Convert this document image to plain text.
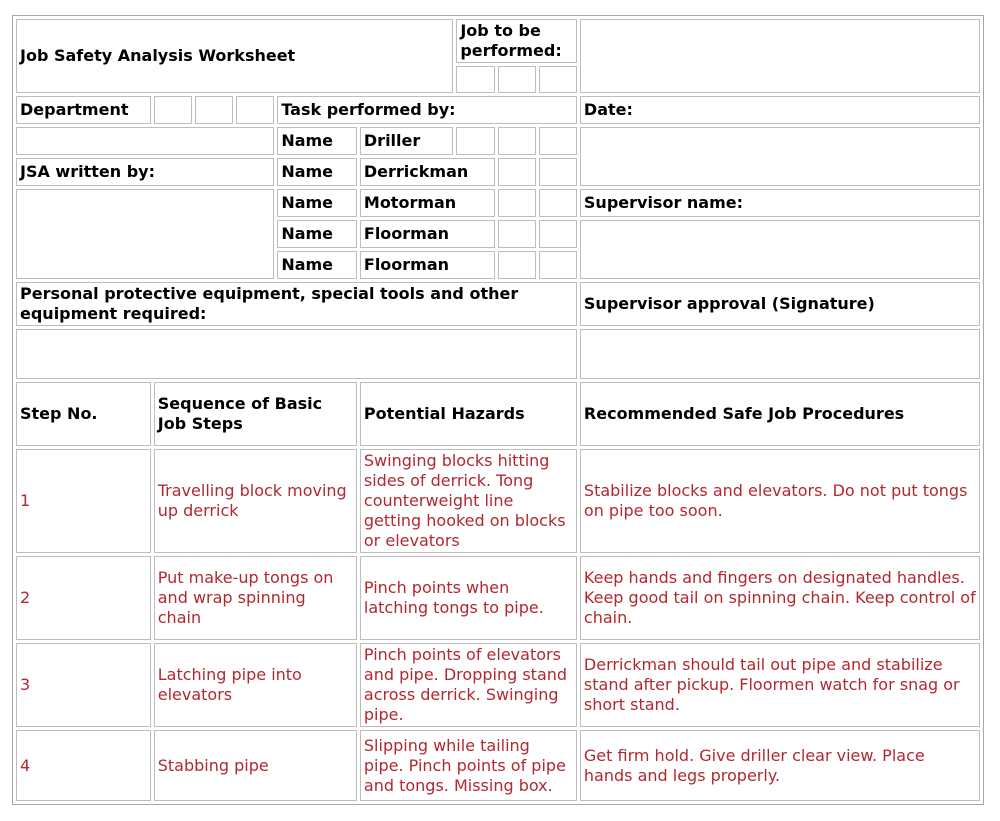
Job Safety Analysis Worksheet						Job to be performed:			

Department				Task performed by:					Date:
				Name	Driller				
JSA written by:				Name	Derrickman				
				Name	Motorman				Supervisor name:
				Name	Floorman				
				Name	Floorman				
Personal protective equipment, special tools and other equipment required:									Supervisor approval (Signature)

Step No.	Sequence of Basic Job Steps				Potential Hazards				Recommended Safe Job Procedures
1	Travelling block moving up derrick				Swinging blocks hitting sides of derrick. Tong counterweight line getting hooked on blocks or elevators				Stabilize blocks and elevators. Do not put tongs on pipe too soon.
2	Put make-up tongs on and wrap spinning chain				Pinch points when latching tongs to pipe.				Keep hands and fingers on designated handles. Keep good tail on spinning chain. Keep control of chain.
3	Latching pipe into elevators				Pinch points of elevators and pipe. Dropping stand across derrick. Swinging pipe.				Derrickman should tail out pipe and stabilize stand after pickup. Floormen watch for snag or short stand.
4	Stabbing pipe				Slipping while tailing pipe. Pinch points of pipe and tongs. Missing box.				Get firm hold. Give driller clear view. Place hands and legs properly.
